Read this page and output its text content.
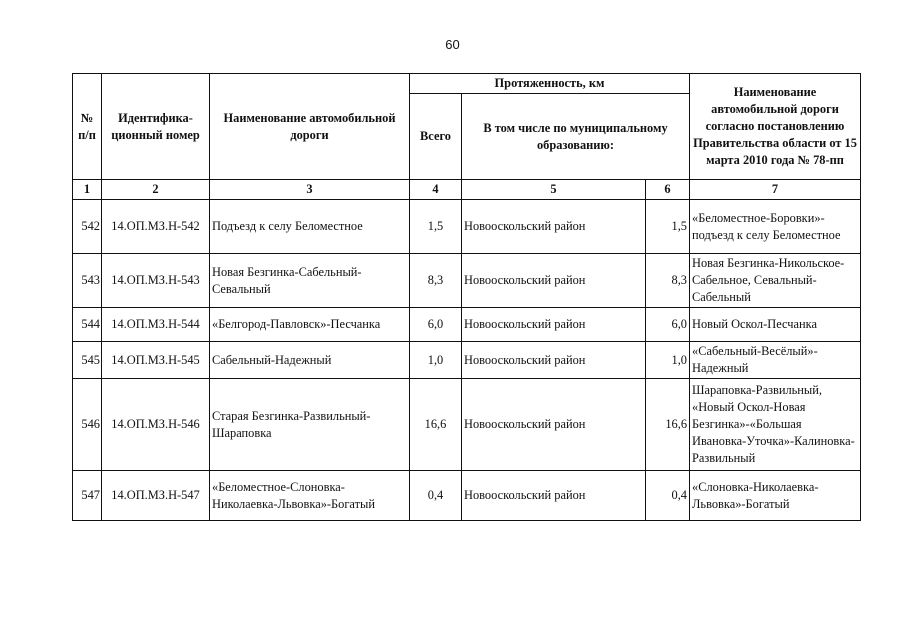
60
№ п/п	Идентифика-ционный номер	Наименование автомобильной дороги	Протяженность, км			Наименование автомобильной дороги согласно постановлению Правительства области от 15 марта 2010 года № 78-пп
			Всего	В том числе по муниципальному образованию:		
1	2	3	4	5	6	7
542	14.ОП.МЗ.Н-542	Подъезд к селу Беломестное	1,5	Новооскольский район	1,5	«Беломестное-Боровки»-подъезд к селу Беломестное
543	14.ОП.МЗ.Н-543	Новая Безгинка-Сабельный-Севальный	8,3	Новооскольский район	8,3	Новая Безгинка-Никольское-Сабельное, Севальный-Сабельный
544	14.ОП.МЗ.Н-544	«Белгород-Павловск»-Песчанка	6,0	Новооскольский район	6,0	Новый Оскол-Песчанка
545	14.ОП.МЗ.Н-545	Сабельный-Надежный	1,0	Новооскольский район	1,0	«Сабельный-Весёлый»-Надежный
546	14.ОП.МЗ.Н-546	Старая Безгинка-Развильный-Шараповка	16,6	Новооскольский район	16,6	Шараповка-Развильный, «Новый Оскол-Новая Безгинка»-«Большая Ивановка-Уточка»-Калиновка-Развильный
547	14.ОП.МЗ.Н-547	«Беломестное-Слоновка-Николаевка-Львовка»-Богатый	0,4	Новооскольский район	0,4	«Слоновка-Николаевка-Львовка»-Богатый
